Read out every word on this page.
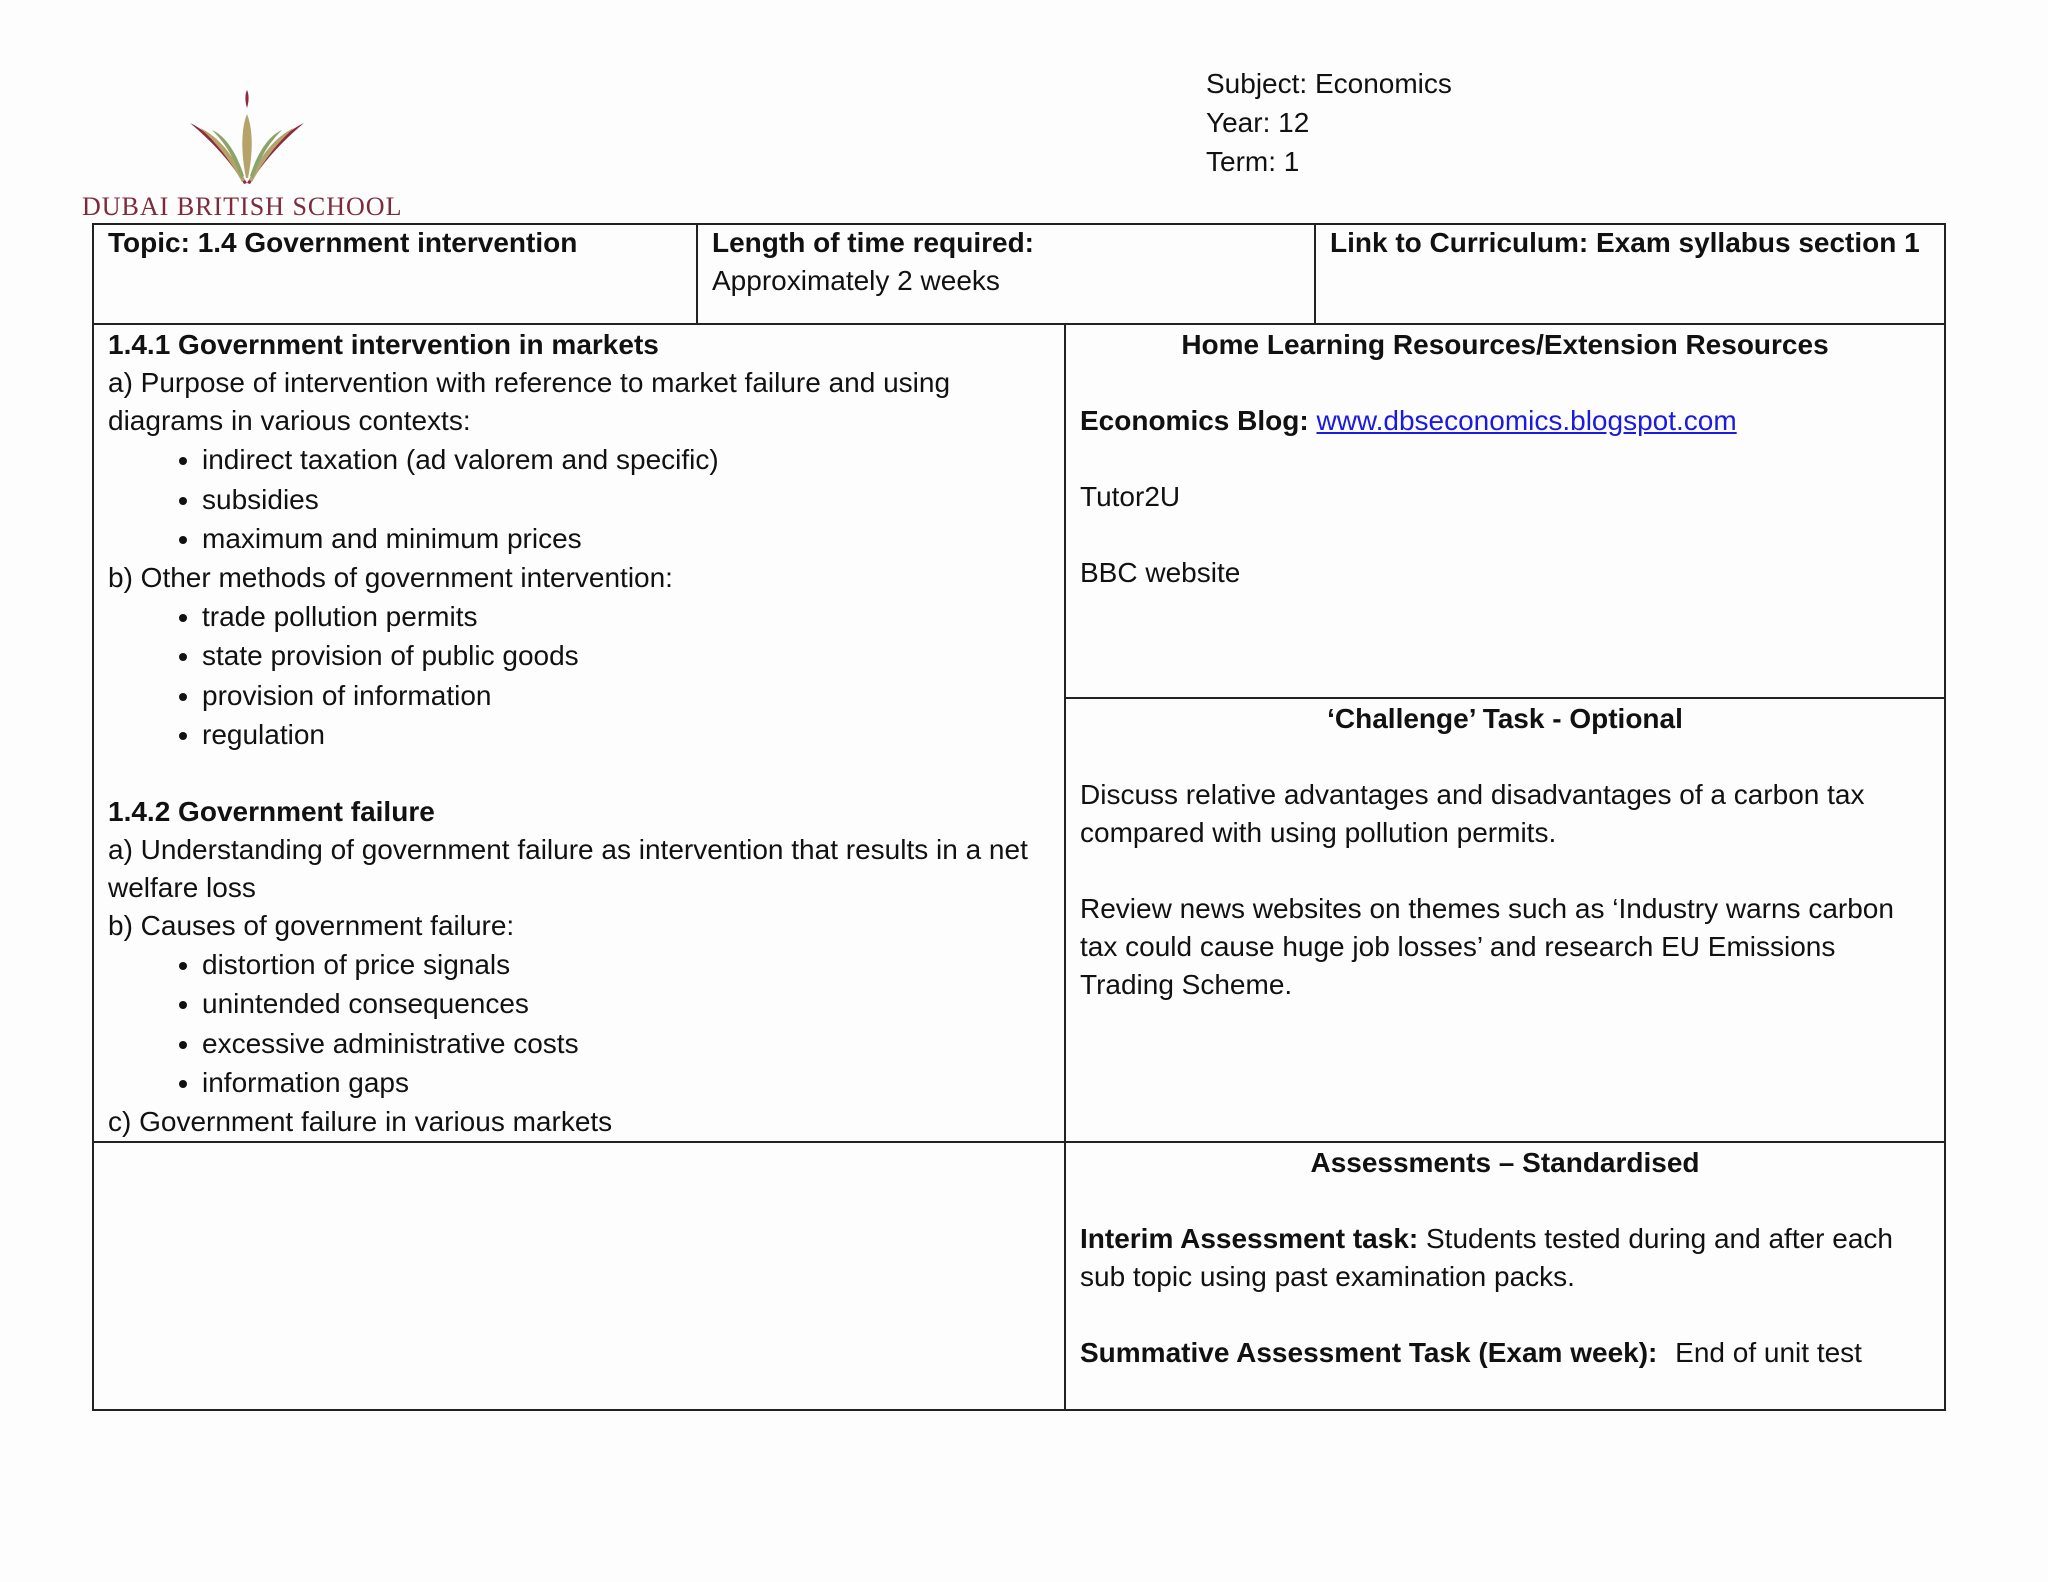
DUBAI BRITISH SCHOOL
Subject: Economics
Year: 12
Term: 1
Topic: 1.4 Government intervention	Length of time required:
Approximately 2 weeks
Link to Curriculum: Exam syllabus section 1

1.4.1 Government intervention in markets

a) Purpose of intervention with reference to market failure and using diagrams in various contexts:

• indirect taxation (ad valorem and specific)
• subsidies
• maximum and minimum prices

b) Other methods of government intervention:

• trade pollution permits
• state provision of public goods
• provision of information
• regulation

1.4.2 Government failure

a) Understanding of government failure as intervention that results in a net welfare loss

b) Causes of government failure:

• distortion of price signals
• unintended consequences
• excessive administrative costs
• information gaps

c) Government failure in various markets

Home Learning Resources/Extension Resources

Economics Blog: www.dbseconomics.blogspot.com

Tutor2U

BBC website

‘Challenge’ Task - Optional

Discuss relative advantages and disadvantages of a carbon tax compared with using pollution permits.

Review news websites on themes such as ‘Industry warns carbon tax could cause huge job losses’ and research EU Emissions Trading Scheme.

Assessments – Standardised

Interim Assessment task: Students tested during and after each sub topic using past examination packs.

Summative Assessment Task (Exam week): End of unit test
